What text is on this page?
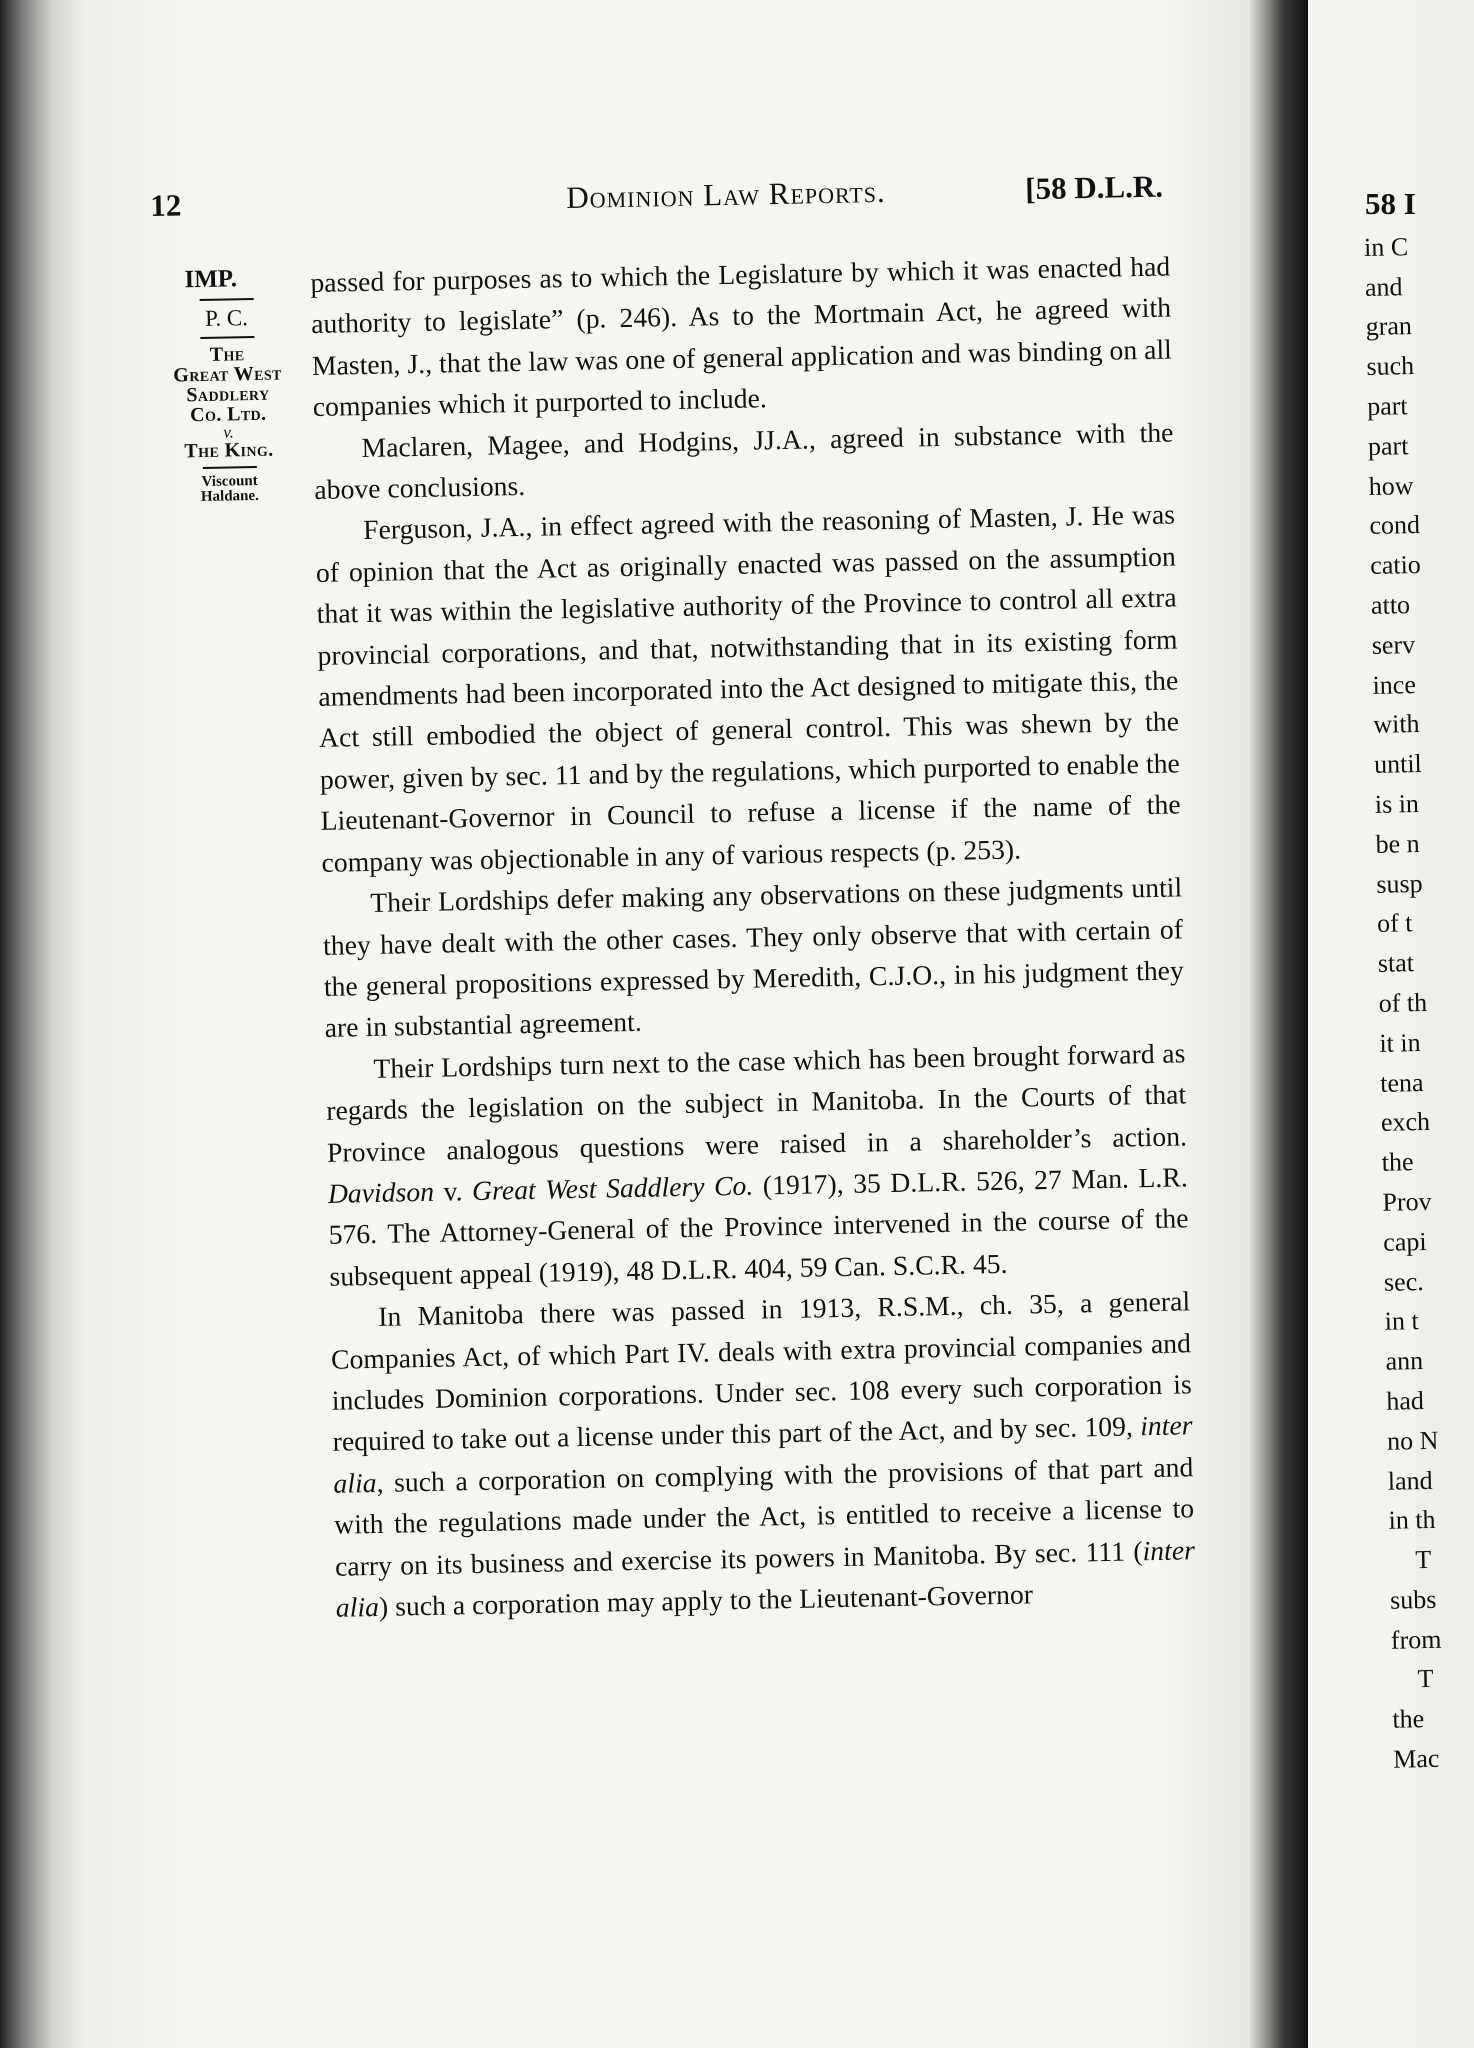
12	Dominion Law Reports.	[58 D.L.R.
IMP.
P. C.
The
Great West
Saddlery
Co. Ltd.
v.
The King.
Viscount
Haldane.

passed for purposes as to which the Legislature by which it was enacted had authority to legislate” (p. 246). As to the Mortmain Act, he agreed with Masten, J., that the law was one of general application and was binding on all companies which it purported to include.

Maclaren, Magee, and Hodgins, JJ.A., agreed in substance with the above conclusions.

Ferguson, J.A., in effect agreed with the reasoning of Masten, J. He was of opinion that the Act as originally enacted was passed on the assumption that it was within the legislative authority of the Province to control all extra provincial corporations, and that, notwithstanding that in its existing form amendments had been incorporated into the Act designed to mitigate this, the Act still embodied the object of general control. This was shewn by the power, given by sec. 11 and by the regulations, which purported to enable the Lieutenant-Governor in Council to refuse a license if the name of the company was objectionable in any of various respects (p. 253).

Their Lordships defer making any observations on these judgments until they have dealt with the other cases. They only observe that with certain of the general propositions expressed by Meredith, C.J.O., in his judgment they are in substantial agreement.

Their Lordships turn next to the case which has been brought forward as regards the legislation on the subject in Manitoba. In the Courts of that Province analogous questions were raised in a shareholder’s action. Davidson v. Great West Saddlery Co. (1917), 35 D.L.R. 526, 27 Man. L.R. 576. The Attorney-General of the Province intervened in the course of the subsequent appeal (1919), 48 D.L.R. 404, 59 Can. S.C.R. 45.

In Manitoba there was passed in 1913, R.S.M., ch. 35, a general Companies Act, of which Part IV. deals with extra provincial companies and includes Dominion corporations. Under sec. 108 every such corporation is required to take out a license under this part of the Act, and by sec. 109, inter alia, such a corporation on complying with the provisions of that part and with the regulations made under the Act, is entitled to receive a license to carry on its business and exercise its powers in Manitoba. By sec. 111 (inter alia) such a corporation may apply to the Lieutenant-Governor

58 I
in C
and
gran
such
part
part
how
cond
catio
atto
serv
ince
with
until
is in
be n
susp
of t
stat
of th
it in
tena
exch
the
Prov
capi
sec.
in t
ann
had
no N
land
in th
T
subs
from
T
the
Mac
